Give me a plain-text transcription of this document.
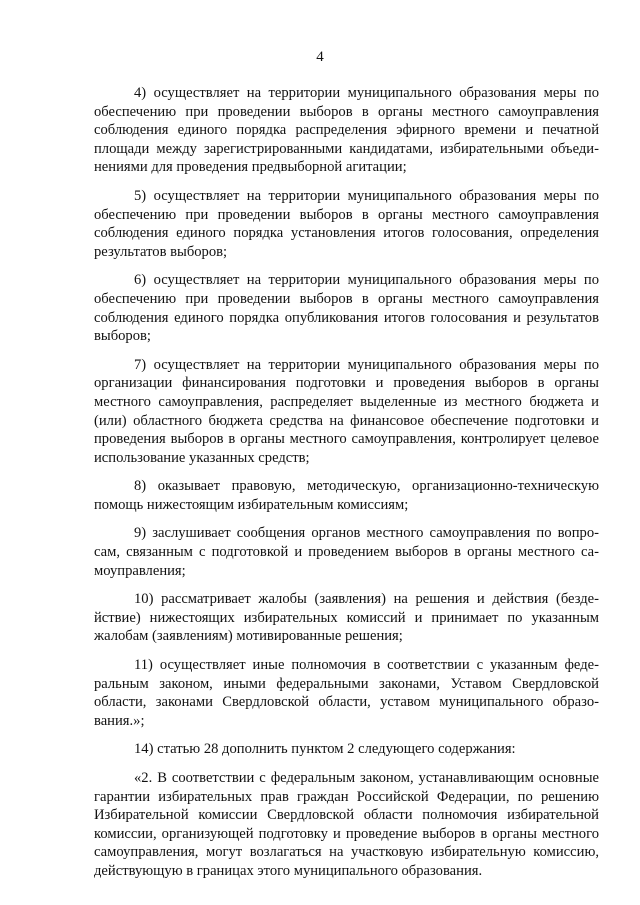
4

4) осуществляет на территории муниципального образования меры по обеспечению при проведении выборов в органы местного самоуправления соблюдения единого порядка распределения эфирного времени и печатной площади между зарегистрированными кандидатами, избирательными объединениями для проведения предвыборной агитации;

5) осуществляет на территории муниципального образования меры по обеспечению при проведении выборов в органы местного самоуправления соблюдения единого порядка установления итогов голосования, определения результатов выборов;

6) осуществляет на территории муниципального образования меры по обеспечению при проведении выборов в органы местного самоуправления соблюдения единого порядка опубликования итогов голосования и результатов выборов;

7) осуществляет на территории муниципального образования меры по организации финансирования подготовки и проведения выборов в органы местного самоуправления, распределяет выделенные из местного бюджета и (или) областного бюджета средства на финансовое обеспечение подготовки и проведения выборов в органы местного самоуправления, контролирует целевое использование указанных средств;

8) оказывает правовую, методическую, организационно-техническую помощь нижестоящим избирательным комиссиям;

9) заслушивает сообщения органов местного самоуправления по вопросам, связанным с подготовкой и проведением выборов в органы местного самоуправления;

10) рассматривает жалобы (заявления) на решения и действия (бездействие) нижестоящих избирательных комиссий и принимает по указанным жалобам (заявлениям) мотивированные решения;

11) осуществляет иные полномочия в соответствии с указанным федеральным законом, иными федеральными законами, Уставом Свердловской области, законами Свердловской области, уставом муниципального образования.»;

14) статью 28 дополнить пунктом 2 следующего содержания:

«2. В соответствии с федеральным законом, устанавливающим основные гарантии избирательных прав граждан Российской Федерации, по решению Избирательной комиссии Свердловской области полномочия избирательной комиссии, организующей подготовку и проведение выборов в органы местного самоуправления, могут возлагаться на участковую избирательную комиссию, действующую в границах этого муниципального образования.
